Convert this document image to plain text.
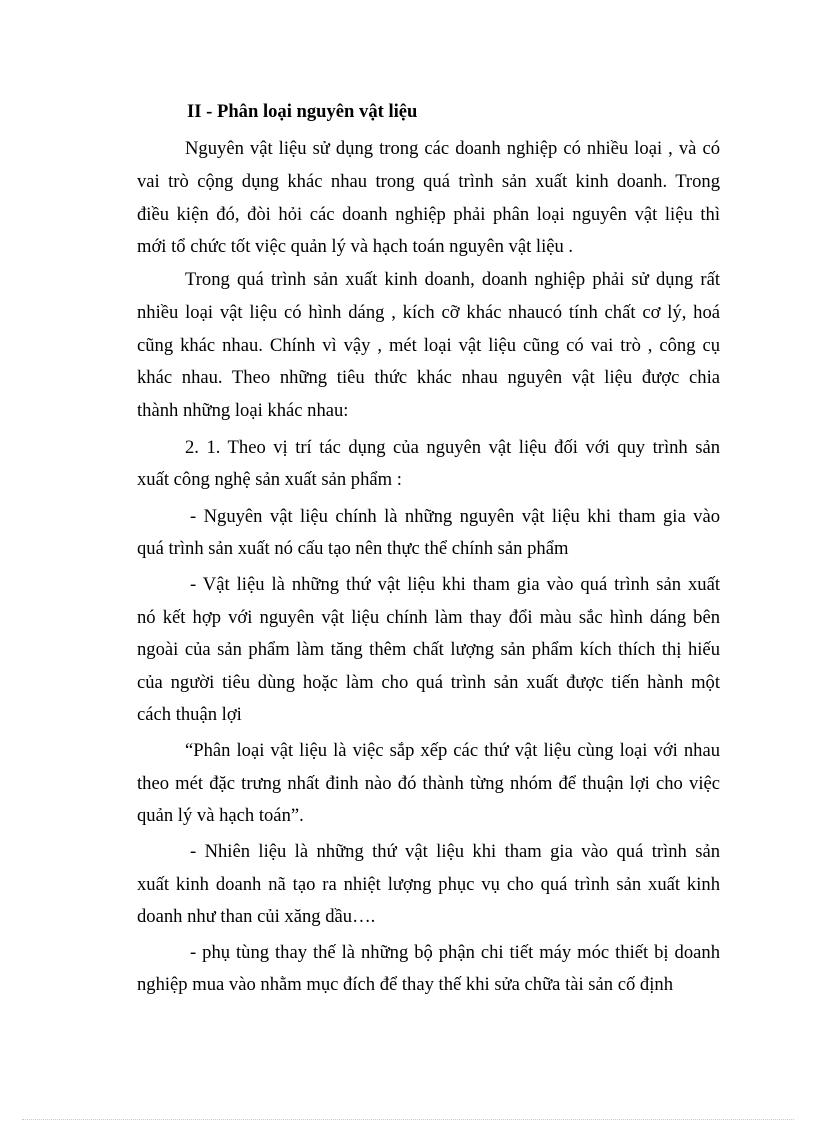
II - Phân loại nguyên vật liệu
Nguyên vật liệu sử dụng trong các doanh nghiệp có nhiều loại , và có
vai trò cộng dụng khác nhau trong quá trình sản xuất kinh doanh. Trong
điều kiện đó, đòi hỏi các doanh nghiệp phải phân loại nguyên vật liệu thì
mới tổ chức tốt việc quản lý và hạch toán nguyên vật liệu .
Trong quá trình sản xuất kinh doanh, doanh nghiệp phải sử dụng rất
nhiều loại vật liệu có hình dáng , kích cỡ khác nhaucó tính chất cơ lý, hoá
cũng khác nhau. Chính vì vậy , mét loại vật liệu cũng có vai trò , công cụ
khác nhau. Theo những tiêu thức khác nhau nguyên vật liệu được chia
thành những loại khác nhau:
2. 1. Theo vị trí tác dụng của nguyên vật liệu đối với quy trình sản
xuất công nghệ sản xuất sản phẩm :
- Nguyên vật liệu chính là những nguyên vật liệu khi tham gia vào
quá trình sản xuất nó cấu tạo nên thực thể chính sản phẩm
- Vật liệu là những thứ vật liệu khi tham gia vào quá trình sản xuất
nó kết hợp với nguyên vật liệu chính làm thay đổi màu sắc hình dáng bên
ngoài của sản phẩm làm tăng thêm chất lượng sản phẩm kích thích thị hiếu
của người tiêu dùng hoặc làm cho quá trình sản xuất được tiến hành một
cách thuận lợi
“Phân loại vật liệu là việc sắp xếp các thứ vật liệu cùng loại với nhau
theo mét đặc trưng nhất đinh nào đó thành từng nhóm để thuận lợi cho việc
quản lý và hạch toán”.
- Nhiên liệu là những thứ vật liệu khi tham gia vào quá trình sản
xuất kinh doanh nã tạo ra nhiệt lượng phục vụ cho quá trình sản xuất kinh
doanh như than củi xăng dầu….
- phụ tùng thay thế là những bộ phận chi tiết máy móc thiết bị doanh
nghiệp mua vào nhằm mục đích để thay thế khi sửa chữa tài sản cố định
